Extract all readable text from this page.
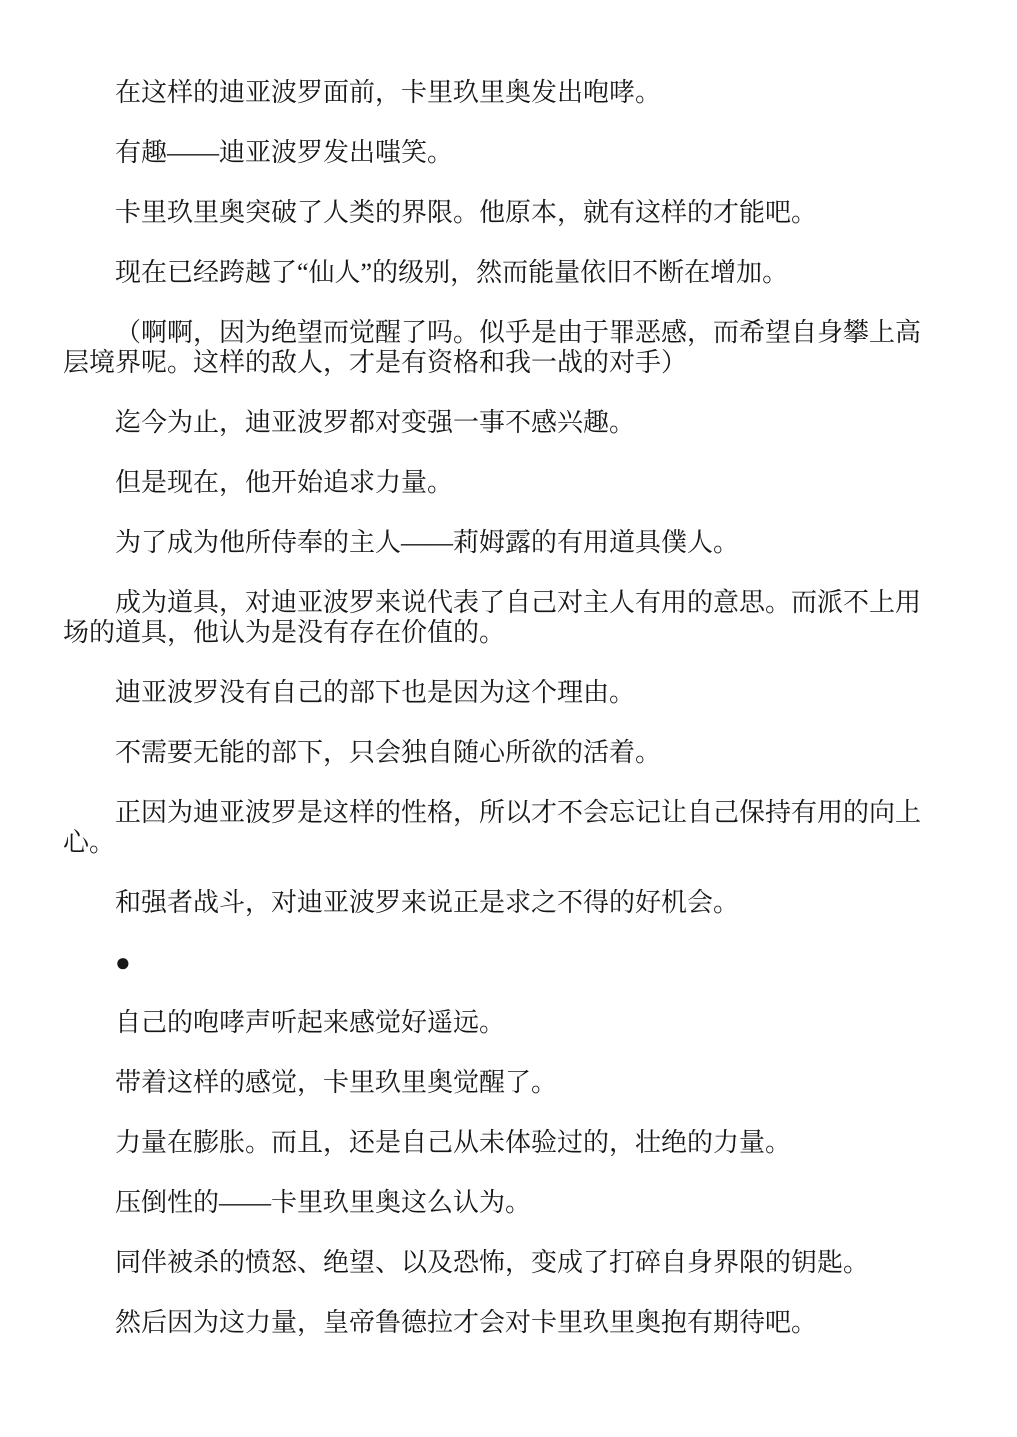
在这样的迪亚波罗面前，卡里玖里奥发出咆哮。

有趣——迪亚波罗发出嗤笑。

卡里玖里奥突破了人类的界限。他原本，就有这样的才能吧。

现在已经跨越了“仙人”的级别，然而能量依旧不断在增加。

（啊啊，因为绝望而觉醒了吗。似乎是由于罪恶感，而希望自身攀上高层境界呢。这样的敌人，才是有资格和我一战的对手）

迄今为止，迪亚波罗都对变强一事不感兴趣。

但是现在，他开始追求力量。

为了成为他所侍奉的主人——莉姆露的有用道具僕人。

成为道具，对迪亚波罗来说代表了自己对主人有用的意思。而派不上用场的道具，他认为是没有存在价值的。

迪亚波罗没有自己的部下也是因为这个理由。

不需要无能的部下，只会独自随心所欲的活着。

正因为迪亚波罗是这样的性格，所以才不会忘记让自己保持有用的向上心。

和强者战斗，对迪亚波罗来说正是求之不得的好机会。

●

自己的咆哮声听起来感觉好遥远。

带着这样的感觉，卡里玖里奥觉醒了。

力量在膨胀。而且，还是自己从未体验过的，壮绝的力量。

压倒性的——卡里玖里奥这么认为。

同伴被杀的愤怒、绝望、以及恐怖，变成了打碎自身界限的钥匙。

然后因为这力量，皇帝鲁德拉才会对卡里玖里奥抱有期待吧。
